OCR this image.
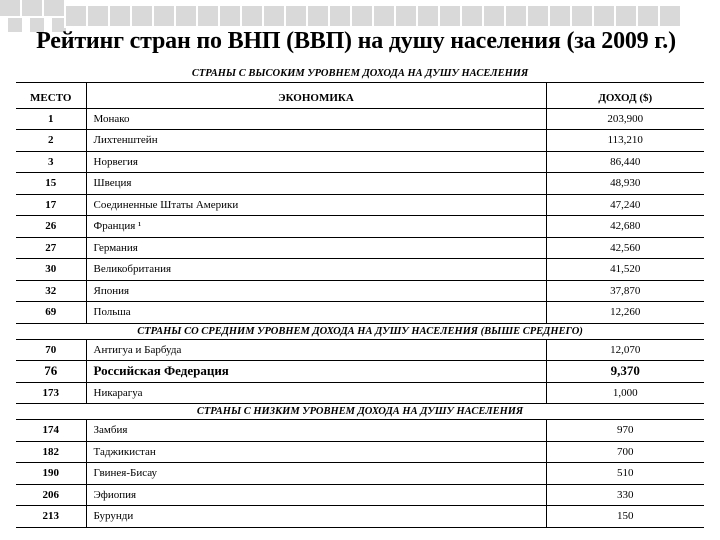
Рейтинг стран по ВНП (ВВП) на душу населения (за 2009 г.)
СТРАНЫ С ВЫСОКИМ УРОВНЕМ ДОХОДА НА ДУШУ НАСЕЛЕНИЯ		
МЕСТО	ЭКОНОМИКА	ДОХОД ($)
1	Монако	203,900
2	Лихтенштейн	113,210
3	Норвегия	86,440
15	Швеция	48,930
17	Соединенные Штаты Америки	47,240
26	Франция ¹	42,680
27	Германия	42,560
30	Великобритания	41,520
32	Япония	37,870
69	Польша	12,260
СТРАНЫ СО СРЕДНИМ УРОВНЕМ ДОХОДА НА ДУШУ НАСЕЛЕНИЯ (ВЫШЕ СРЕДНЕГО)		
70	Антигуа и Барбуда	12,070
76	Российская Федерация	9,370
173	Никарагуа	1,000
СТРАНЫ С НИЗКИМ УРОВНЕМ ДОХОДА НА ДУШУ НАСЕЛЕНИЯ		
174	Замбия	970
182	Таджикистан	700
190	Гвинея-Бисау	510
206	Эфиопия	330
213	Бурунди	150
